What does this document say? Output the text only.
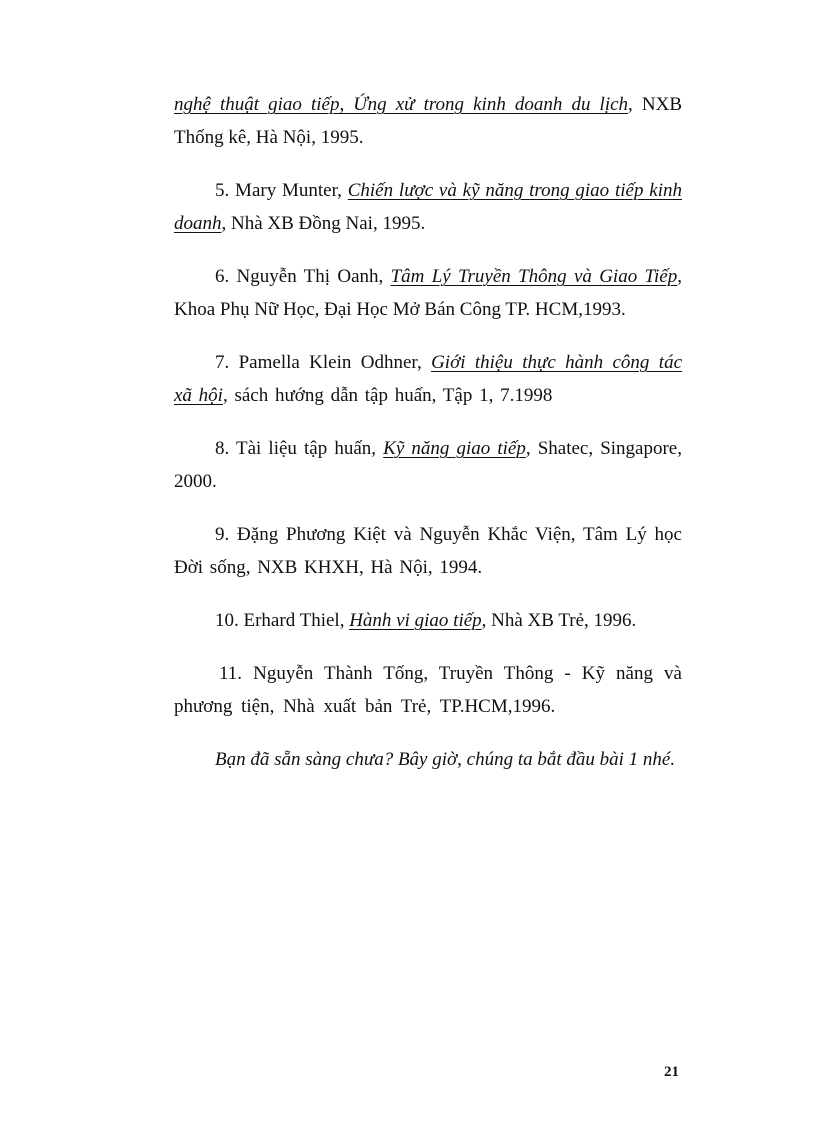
nghệ thuật giao tiếp, Ứng xử trong kinh doanh du lịch, NXB Thống kê, Hà Nội, 1995.

5. Mary Munter, Chiến lược và kỹ năng trong giao tiếp kinh doanh, Nhà XB Đồng Nai, 1995.

6. Nguyễn Thị Oanh, Tâm Lý Truyền Thông và Giao Tiếp, Khoa Phụ Nữ Học, Đại Học Mở Bán Công TP. HCM,1993.

7. Pamella Klein Odhner, Giới thiệu thực hành công tác xã hội, sách hướng dẫn tập huấn, Tập 1, 7.1998

8. Tài liệu tập huấn, Kỹ năng giao tiếp, Shatec, Singapore, 2000.

9. Đặng Phương Kiệt và Nguyễn Khắc Viện, Tâm Lý học Đời sống, NXB KHXH, Hà Nội, 1994.

10. Erhard Thiel, Hành vi giao tiếp, Nhà XB Trẻ, 1996.

11. Nguyễn Thành Tống, Truyền Thông - Kỹ năng và phương tiện, Nhà xuất bản Trẻ, TP.HCM,1996.

Bạn đã sẵn sàng chưa? Bây giờ, chúng ta bắt đầu bài 1 nhé.

21
